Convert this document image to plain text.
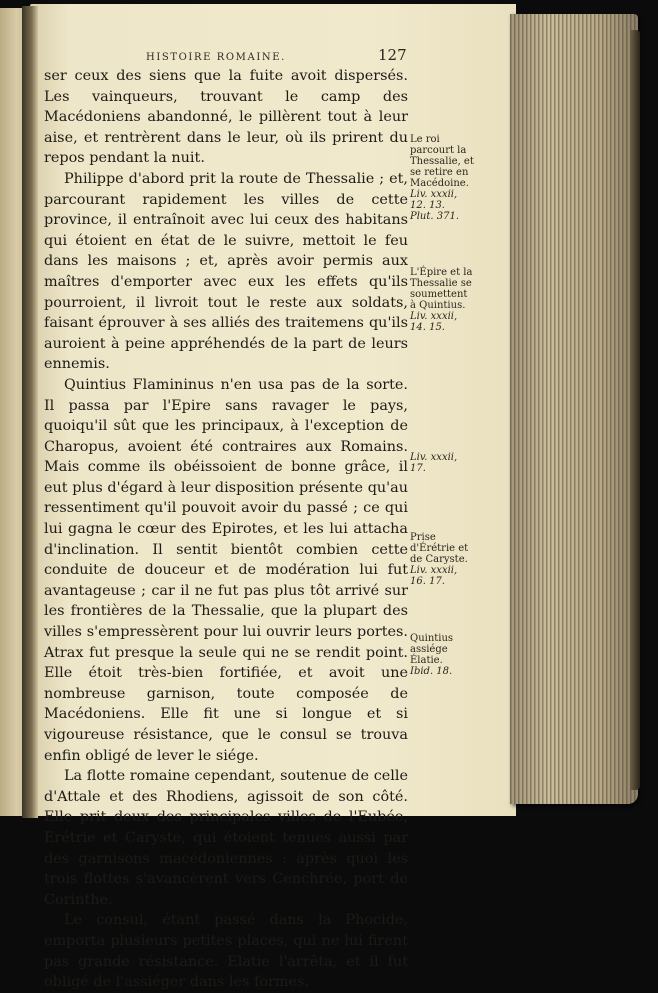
HISTOIRE ROMAINE.	127

ser ceux des siens que la fuite avoit dispersés. Les vainqueurs, trouvant le camp des Macédoniens abandonné, le pillèrent tout à leur aise, et rentrèrent dans le leur, où ils prirent du repos pendant la nuit.

Philippe d'abord prit la route de Thessalie ; et, parcourant rapidement les villes de cette province, il entraînoit avec lui ceux des habitans qui étoient en état de le suivre, mettoit le feu dans les maisons ; et, après avoir permis aux maîtres d'emporter avec eux les effets qu'ils pourroient, il livroit tout le reste aux soldats, faisant éprouver à ses alliés des traitemens qu'ils auroient à peine appréhendés de la part de leurs ennemis.

Quintius Flamininus n'en usa pas de la sorte. Il passa par l'Epire sans ravager le pays, quoiqu'il sût que les principaux, à l'exception de Charopus, avoient été contraires aux Romains. Mais comme ils obéissoient de bonne grâce, il eut plus d'égard à leur disposition présente qu'au ressentiment qu'il pouvoit avoir du passé ; ce qui lui gagna le cœur des Epirotes, et les lui attacha d'inclination. Il sentit bientôt combien cette conduite de douceur et de modération lui fut avantageuse ; car il ne fut pas plus tôt arrivé sur les frontières de la Thessalie, que la plupart des villes s'empressèrent pour lui ouvrir leurs portes. Atrax fut presque la seule qui ne se rendit point. Elle étoit très-bien fortifiée, et avoit une nombreuse garnison, toute composée de Macédoniens. Elle fit une si longue et si vigoureuse résistance, que le consul se trouva enfin obligé de lever le siége.

La flotte romaine cependant, soutenue de celle d'Attale et des Rhodiens, agissoit de son côté. Elle prit deux des principales villes de l'Eubée, Erétrie et Caryste, qui étoient tenues aussi par des garnisons macédoniennes : après quoi les trois flottes s'avancèrent vers Cenchrée, port de Corinthe.

Le consul, étant passé dans la Phocide, emporta plusieurs petites places, qui ne lui firent pas grande résistance. Elatie l'arrêta, et il fut obligé de l'assiéger dans les formes.

Le roi parcourt la Thessalie, et se retire en Macédoine.
Liv. xxxii, 12. 13.
Plut. 371.
L'Épire et la Thessalie se soumettent à Quintius.
Liv. xxxii, 14. 15.
Liv. xxxii, 17.
Prise d'Érétrie et de Caryste.
Liv. xxxii, 16. 17.
Quintius assiége Élatie.
Ibid. 18.
